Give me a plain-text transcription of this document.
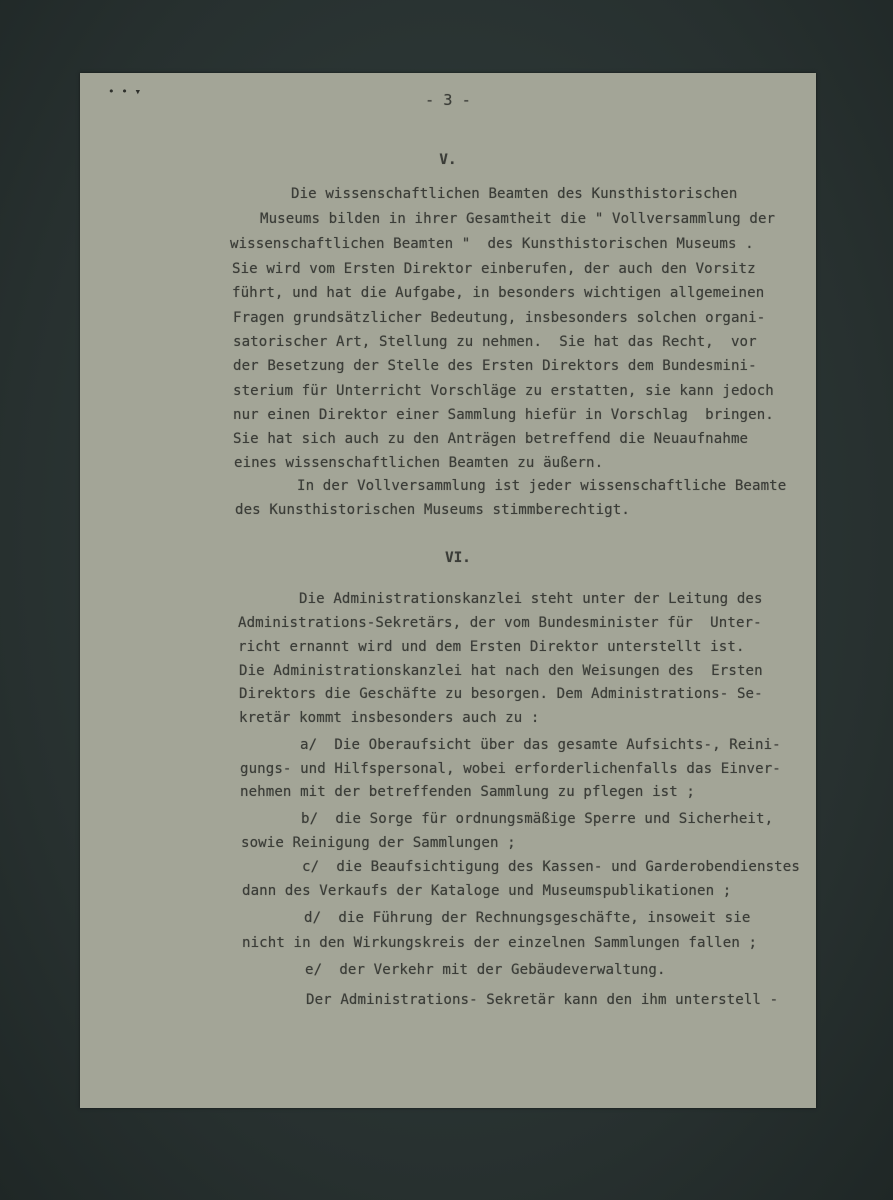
• • ▾	- 3 -
V.
Die wissenschaftlichen Beamten des Kunsthistorischen
Museums bilden in ihrer Gesamtheit die " Vollversammlung der
wissenschaftlichen Beamten "  des Kunsthistorischen Museums .
Sie wird vom Ersten Direktor einberufen, der auch den Vorsitz
führt, und hat die Aufgabe, in besonders wichtigen allgemeinen
Fragen grundsätzlicher Bedeutung, insbesonders solchen organi-
satorischer Art, Stellung zu nehmen.  Sie hat das Recht,  vor
der Besetzung der Stelle des Ersten Direktors dem Bundesmini-
sterium für Unterricht Vorschläge zu erstatten, sie kann jedoch
nur einen Direktor einer Sammlung hiefür in Vorschlag  bringen.
Sie hat sich auch zu den Anträgen betreffend die Neuaufnahme
eines wissenschaftlichen Beamten zu äußern.
In der Vollversammlung ist jeder wissenschaftliche Beamte
des Kunsthistorischen Museums stimmberechtigt.
VI.
Die Administrationskanzlei steht unter der Leitung des
Administrations-Sekretärs, der vom Bundesminister für  Unter-
richt ernannt wird und dem Ersten Direktor unterstellt ist.
Die Administrationskanzlei hat nach den Weisungen des  Ersten
Direktors die Geschäfte zu besorgen. Dem Administrations- Se-
kretär kommt insbesonders auch zu :
a/  Die Oberaufsicht über das gesamte Aufsichts-, Reini-
gungs- und Hilfspersonal, wobei erforderlichenfalls das Einver-
nehmen mit der betreffenden Sammlung zu pflegen ist ;
b/  die Sorge für ordnungsmäßige Sperre und Sicherheit,
sowie Reinigung der Sammlungen ;
c/  die Beaufsichtigung des Kassen- und Garderobendienstes
dann des Verkaufs der Kataloge und Museumspublikationen ;
d/  die Führung der Rechnungsgeschäfte, insoweit sie
nicht in den Wirkungskreis der einzelnen Sammlungen fallen ;
e/  der Verkehr mit der Gebäudeverwaltung.
Der Administrations- Sekretär kann den ihm unterstell -
